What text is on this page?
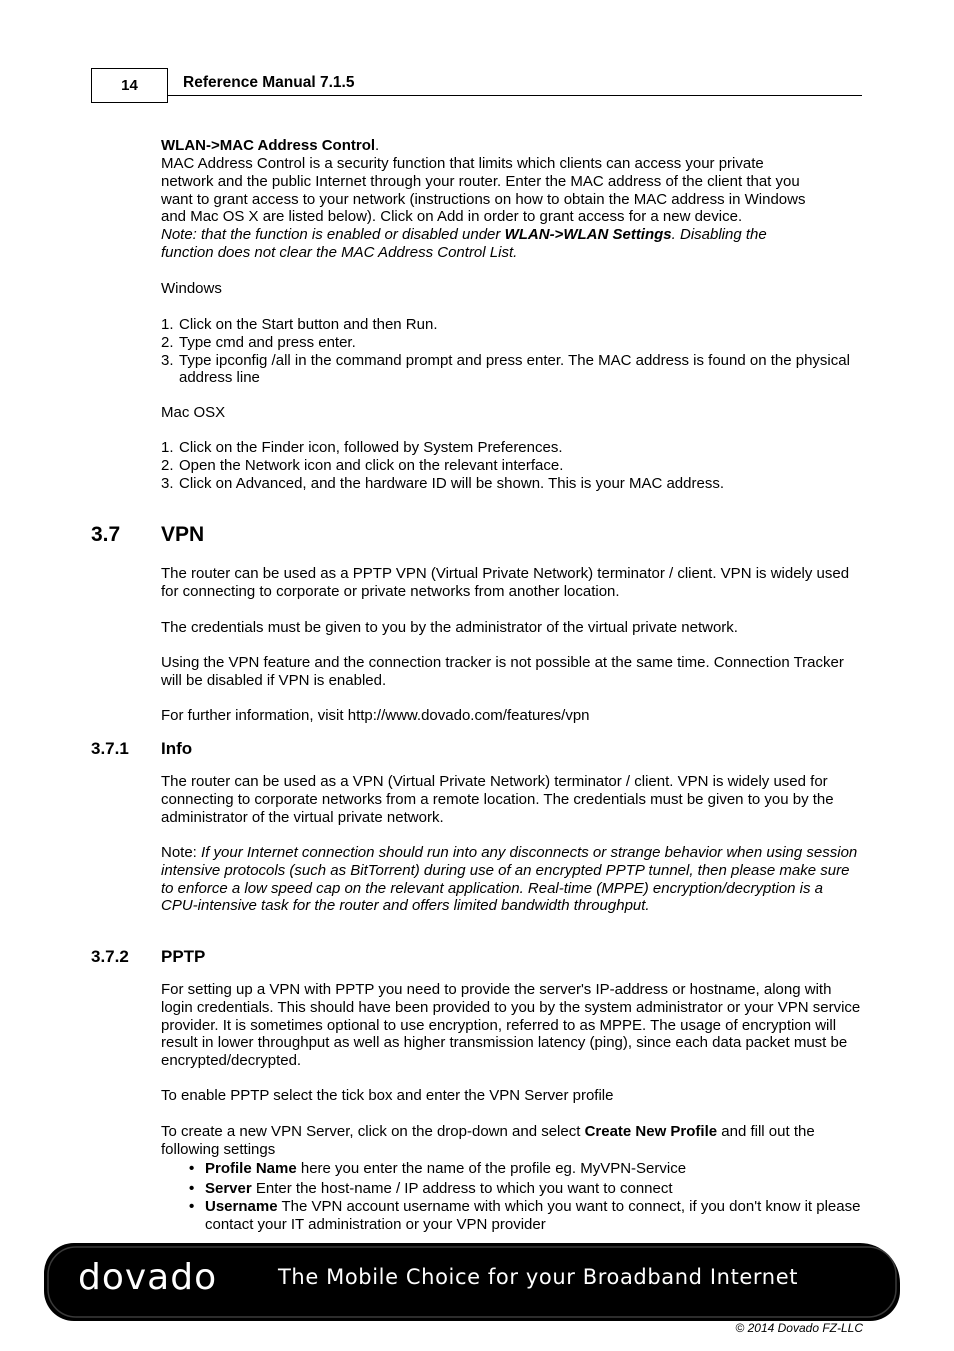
14	Reference Manual 7.1.5
WLAN->MAC Address Control.
MAC Address Control is a security function that limits which clients can access your private
network and the public Internet through your router. Enter the MAC address of the client that you
want to grant access to your network (instructions on how to obtain the MAC address in Windows
and Mac OS X are listed below). Click on Add in order to grant access for a new device.
Note: that the function is enabled or disabled under WLAN->WLAN Settings. Disabling the
function does not clear the MAC Address Control List.
Windows
1. Click on the Start button and then Run.
2. Type cmd and press enter.
3. Type ipconfig /all in the command prompt and press enter. The MAC address is found on the physical address line
Mac OSX
1. Click on the Finder icon, followed by System Preferences.
2. Open the Network icon and click on the relevant interface.
3. Click on Advanced, and the hardware ID will be shown. This is your MAC address.
3.7 VPN

The router can be used as a PPTP VPN (Virtual Private Network) terminator / client. VPN is widely used for connecting to corporate or private networks from another location.

The credentials must be given to you by the administrator of the virtual private network.

Using the VPN feature and the connection tracker is not possible at the same time. Connection Tracker will be disabled if VPN is enabled.

For further information, visit http://www.dovado.com/features/vpn

3.7.1 Info

The router can be used as a VPN (Virtual Private Network) terminator / client. VPN is widely used for connecting to corporate networks from a remote location. The credentials must be given to you by the administrator of the virtual private network.

Note: If your Internet connection should run into any disconnects or strange behavior when using session intensive protocols (such as BitTorrent) during use of an encrypted PPTP tunnel, then please make sure to enforce a low speed cap on the relevant application. Real-time (MPPE) encryption/decryption is a CPU-intensive task for the router and offers limited bandwidth throughput.

3.7.2 PPTP

For setting up a VPN with PPTP you need to provide the server's IP-address or hostname, along with login credentials. This should have been provided to you by the system administrator or your VPN service provider. It is sometimes optional to use encryption, referred to as MPPE. The usage of encryption will result in lower throughput as well as higher transmission latency (ping), since each data packet must be encrypted/decrypted.

To enable PPTP select the tick box and enter the VPN Server profile

To create a new VPN Server, click on the drop-down and select Create New Profile and fill out the following settings

• Profile Name here you enter the name of the profile eg. MyVPN-Service
• Server Enter the host-name / IP address to which you want to connect
• Username The VPN account username with which you want to connect, if you don't know it please contact your IT administration or your VPN provider
dovado	The Mobile Choice for your Broadband Internet
© 2014 Dovado FZ-LLC
